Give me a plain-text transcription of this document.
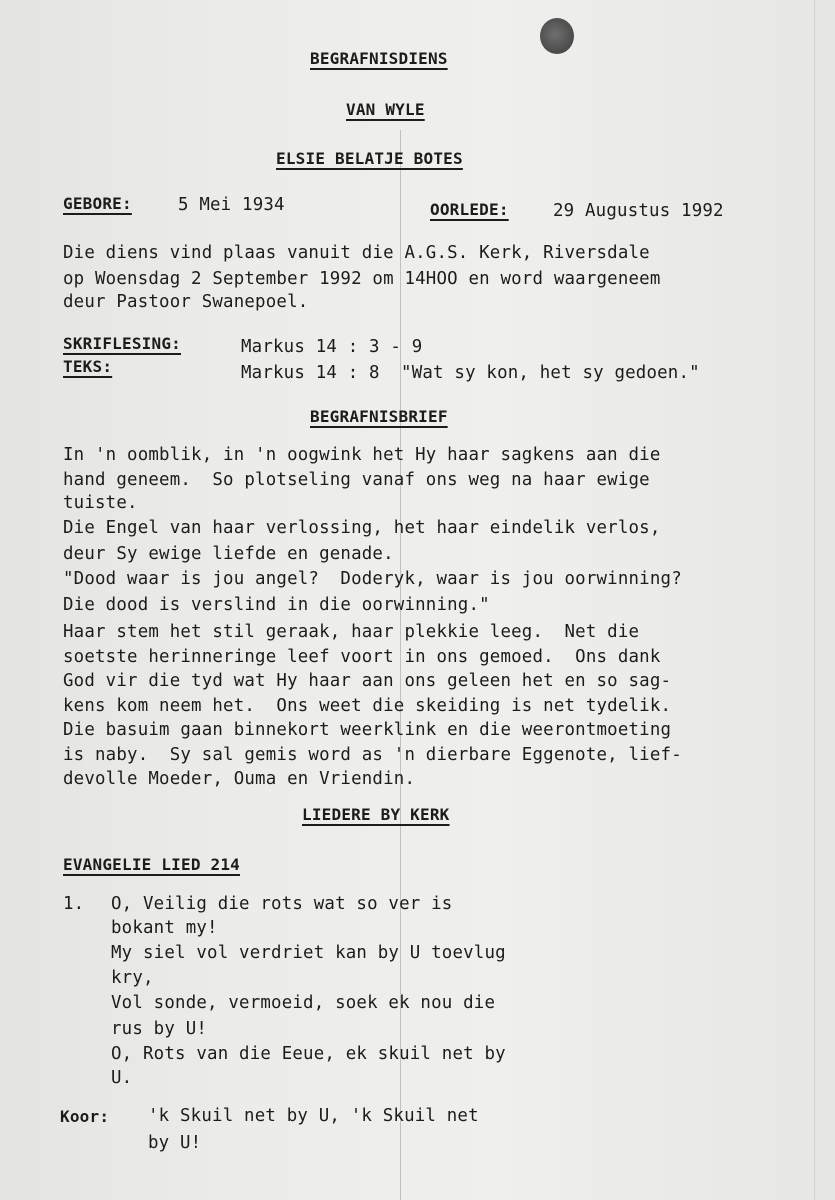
BEGRAFNISDIENS
VAN WYLE
ELSIE BELATJE BOTES
GEBORE:	5 Mei 1934	OORLEDE:	29 Augustus 1992
Die diens vind plaas vanuit die A.G.S. Kerk, Riversdale
op Woensdag 2 September 1992 om 14HOO en word waargeneem
deur Pastoor Swanepoel.
SKRIFLESING:	Markus 14 : 3 - 9
TEKS:	Markus 14 : 8  "Wat sy kon, het sy gedoen."
BEGRAFNISBRIEF
In 'n oomblik, in 'n oogwink het Hy haar sagkens aan die
hand geneem.  So plotseling vanaf ons weg na haar ewige
tuiste.
Die Engel van haar verlossing, het haar eindelik verlos,
deur Sy ewige liefde en genade.
"Dood waar is jou angel?  Doderyk, waar is jou oorwinning?
Die dood is verslind in die oorwinning."
Haar stem het stil geraak, haar plekkie leeg.  Net die
soetste herinneringe leef voort in ons gemoed.  Ons dank
God vir die tyd wat Hy haar aan ons geleen het en so sag-
kens kom neem het.  Ons weet die skeiding is net tydelik.
Die basuim gaan binnekort weerklink en die weerontmoeting
is naby.  Sy sal gemis word as 'n dierbare Eggenote, lief-
devolle Moeder, Ouma en Vriendin.
LIEDERE BY KERK
EVANGELIE LIED 214
1. O, Veilig die rots wat so ver is
bokant my!
My siel vol verdriet kan by U toevlug
kry,
Vol sonde, vermoeid, soek ek nou die
rus by U!
O, Rots van die Eeue, ek skuil net by
U.
Koor: 'k Skuil net by U, 'k Skuil net
by U!
